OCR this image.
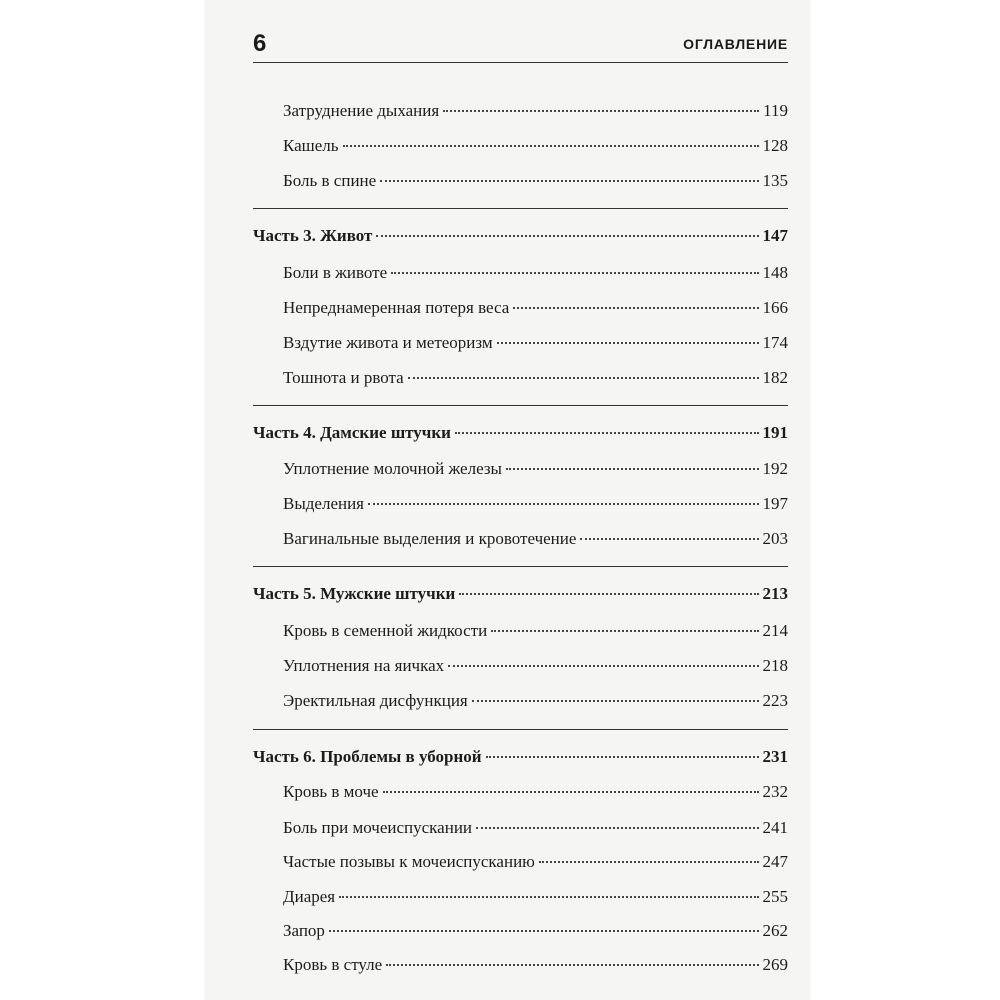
6	ОГЛАВЛЕНИЕ
Затруднение дыхания	119
Кашель	128
Боль в спине	135
Часть 3. Живот	147
Боли в животе	148
Непреднамеренная потеря веса	166
Вздутие живота и метеоризм	174
Тошнота и рвота	182
Часть 4. Дамские штучки	191
Уплотнение молочной железы	192
Выделения	197
Вагинальные выделения и кровотечение	203
Часть 5. Мужские штучки	213
Кровь в семенной жидкости	214
Уплотнения на яичках	218
Эректильная дисфункция	223
Часть 6. Проблемы в уборной	231
Кровь в моче	232
Боль при мочеиспускании	241
Частые позывы к мочеиспусканию	247
Диарея	255
Запор	262
Кровь в стуле	269
